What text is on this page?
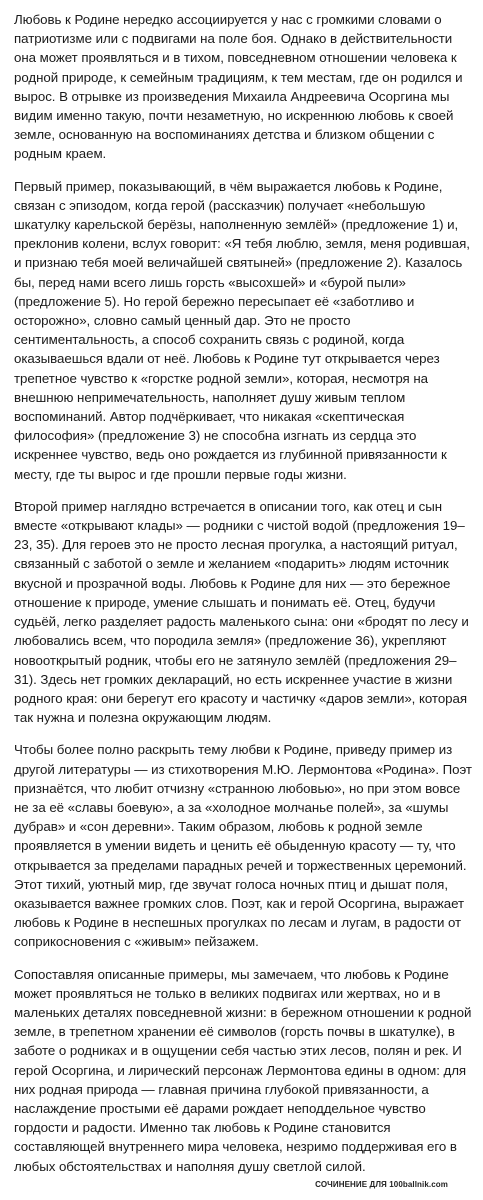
Любовь к Родине нередко ассоциируется у нас с громкими словами о патриотизме или с подвигами на поле боя. Однако в действительности она может проявляться и в тихом, повседневном отношении человека к родной природе, к семейным традициям, к тем местам, где он родился и вырос. В отрывке из произведения Михаила Андреевича Осоргина мы видим именно такую, почти незаметную, но искреннюю любовь к своей земле, основанную на воспоминаниях детства и близком общении с родным краем.

Первый пример, показывающий, в чём выражается любовь к Родине, связан с эпизодом, когда герой (рассказчик) получает «небольшую шкатулку карельской берёзы, наполненную землёй» (предложение 1) и, преклонив колени, вслух говорит: «Я тебя люблю, земля, меня родившая, и признаю тебя моей величайшей святыней» (предложение 2). Казалось бы, перед нами всего лишь горсть «высохшей» и «бурой пыли» (предложение 5). Но герой бережно пересыпает её «заботливо и осторожно», словно самый ценный дар. Это не просто сентиментальность, а способ сохранить связь с родиной, когда оказываешься вдали от неё. Любовь к Родине тут открывается через трепетное чувство к «горстке родной земли», которая, несмотря на внешнюю непримечательность, наполняет душу живым теплом воспоминаний. Автор подчёркивает, что никакая «скептическая философия» (предложение 3) не способна изгнать из сердца это искреннее чувство, ведь оно рождается из глубинной привязанности к месту, где ты вырос и где прошли первые годы жизни.

Второй пример наглядно встречается в описании того, как отец и сын вместе «открывают клады» — родники с чистой водой (предложения 19–23, 35). Для героев это не просто лесная прогулка, а настоящий ритуал, связанный с заботой о земле и желанием «подарить» людям источник вкусной и прозрачной воды. Любовь к Родине для них — это бережное отношение к природе, умение слышать и понимать её. Отец, будучи судьёй, легко разделяет радость маленького сына: они «бродят по лесу и любовались всем, что породила земля» (предложение 36), укрепляют новооткрытый родник, чтобы его не затянуло землёй (предложения 29–31). Здесь нет громких деклараций, но есть искреннее участие в жизни родного края: они берегут его красоту и частичку «даров земли», которая так нужна и полезна окружающим людям.

Чтобы более полно раскрыть тему любви к Родине, приведу пример из другой литературы — из стихотворения М.Ю. Лермонтова «Родина». Поэт признаётся, что любит отчизну «странною любовью», но при этом вовсе не за её «славы боевую», а за «холодное молчанье полей», за «шумы дубрав» и «сон деревни». Таким образом, любовь к родной земле проявляется в умении видеть и ценить её обыденную красоту — ту, что открывается за пределами парадных речей и торжественных церемоний. Этот тихий, уютный мир, где звучат голоса ночных птиц и дышат поля, оказывается важнее громких слов. Поэт, как и герой Осоргина, выражает любовь к Родине в неспешных прогулках по лесам и лугам, в радости от соприкосновения с «живым» пейзажем.

Сопоставляя описанные примеры, мы замечаем, что любовь к Родине может проявляться не только в великих подвигах или жертвах, но и в маленьких деталях повседневной жизни: в бережном отношении к родной земле, в трепетном хранении её символов (горсть почвы в шкатулке), в заботе о родниках и в ощущении себя частью этих лесов, полян и рек. И герой Осоргина, и лирический персонаж Лермонтова едины в одном: для них родная природа — главная причина глубокой привязанности, а наслаждение простыми её дарами рождает неподдельное чувство гордости и радости. Именно так любовь к Родине становится составляющей внутреннего мира человека, незримо поддерживая его в любых обстоятельствах и наполняя душу светлой силой.

СОЧИНЕНИЕ ДЛЯ 100ballnik.com
